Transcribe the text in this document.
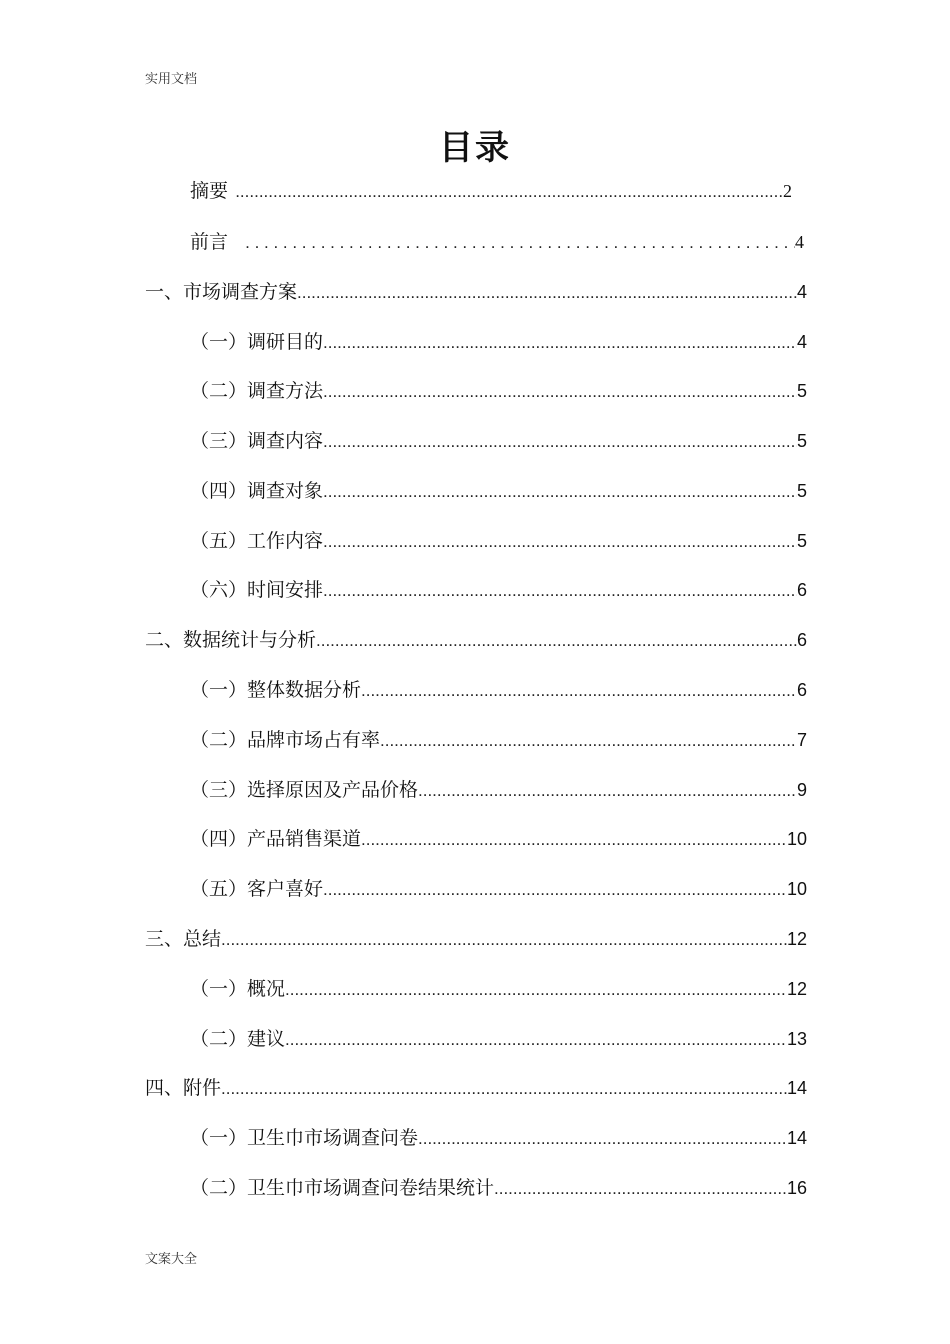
实用文档
目录
摘要 .....	2
前言 . . .	4
一、市场调查方案 .....	4
（一）调研目的 .....	4
（二）调查方法 .....	5
（三）调查内容 .....	5
（四）调查对象 .....	5
（五）工作内容 .....	5
（六）时间安排 .....	6
二、数据统计与分析 .....	6
（一）整体数据分析 .....	6
（二）品牌市场占有率 .....	7
（三）选择原因及产品价格 .....	9
（四）产品销售渠道 .....	10
（五）客户喜好 .....	10
三、总结 .....	12
（一）概况 .....	12
（二）建议 .....	13
四、附件 .....	14
（一）卫生巾市场调查问卷 .....	14
（二）卫生巾市场调查问卷结果统计 .....	16
文案大全
